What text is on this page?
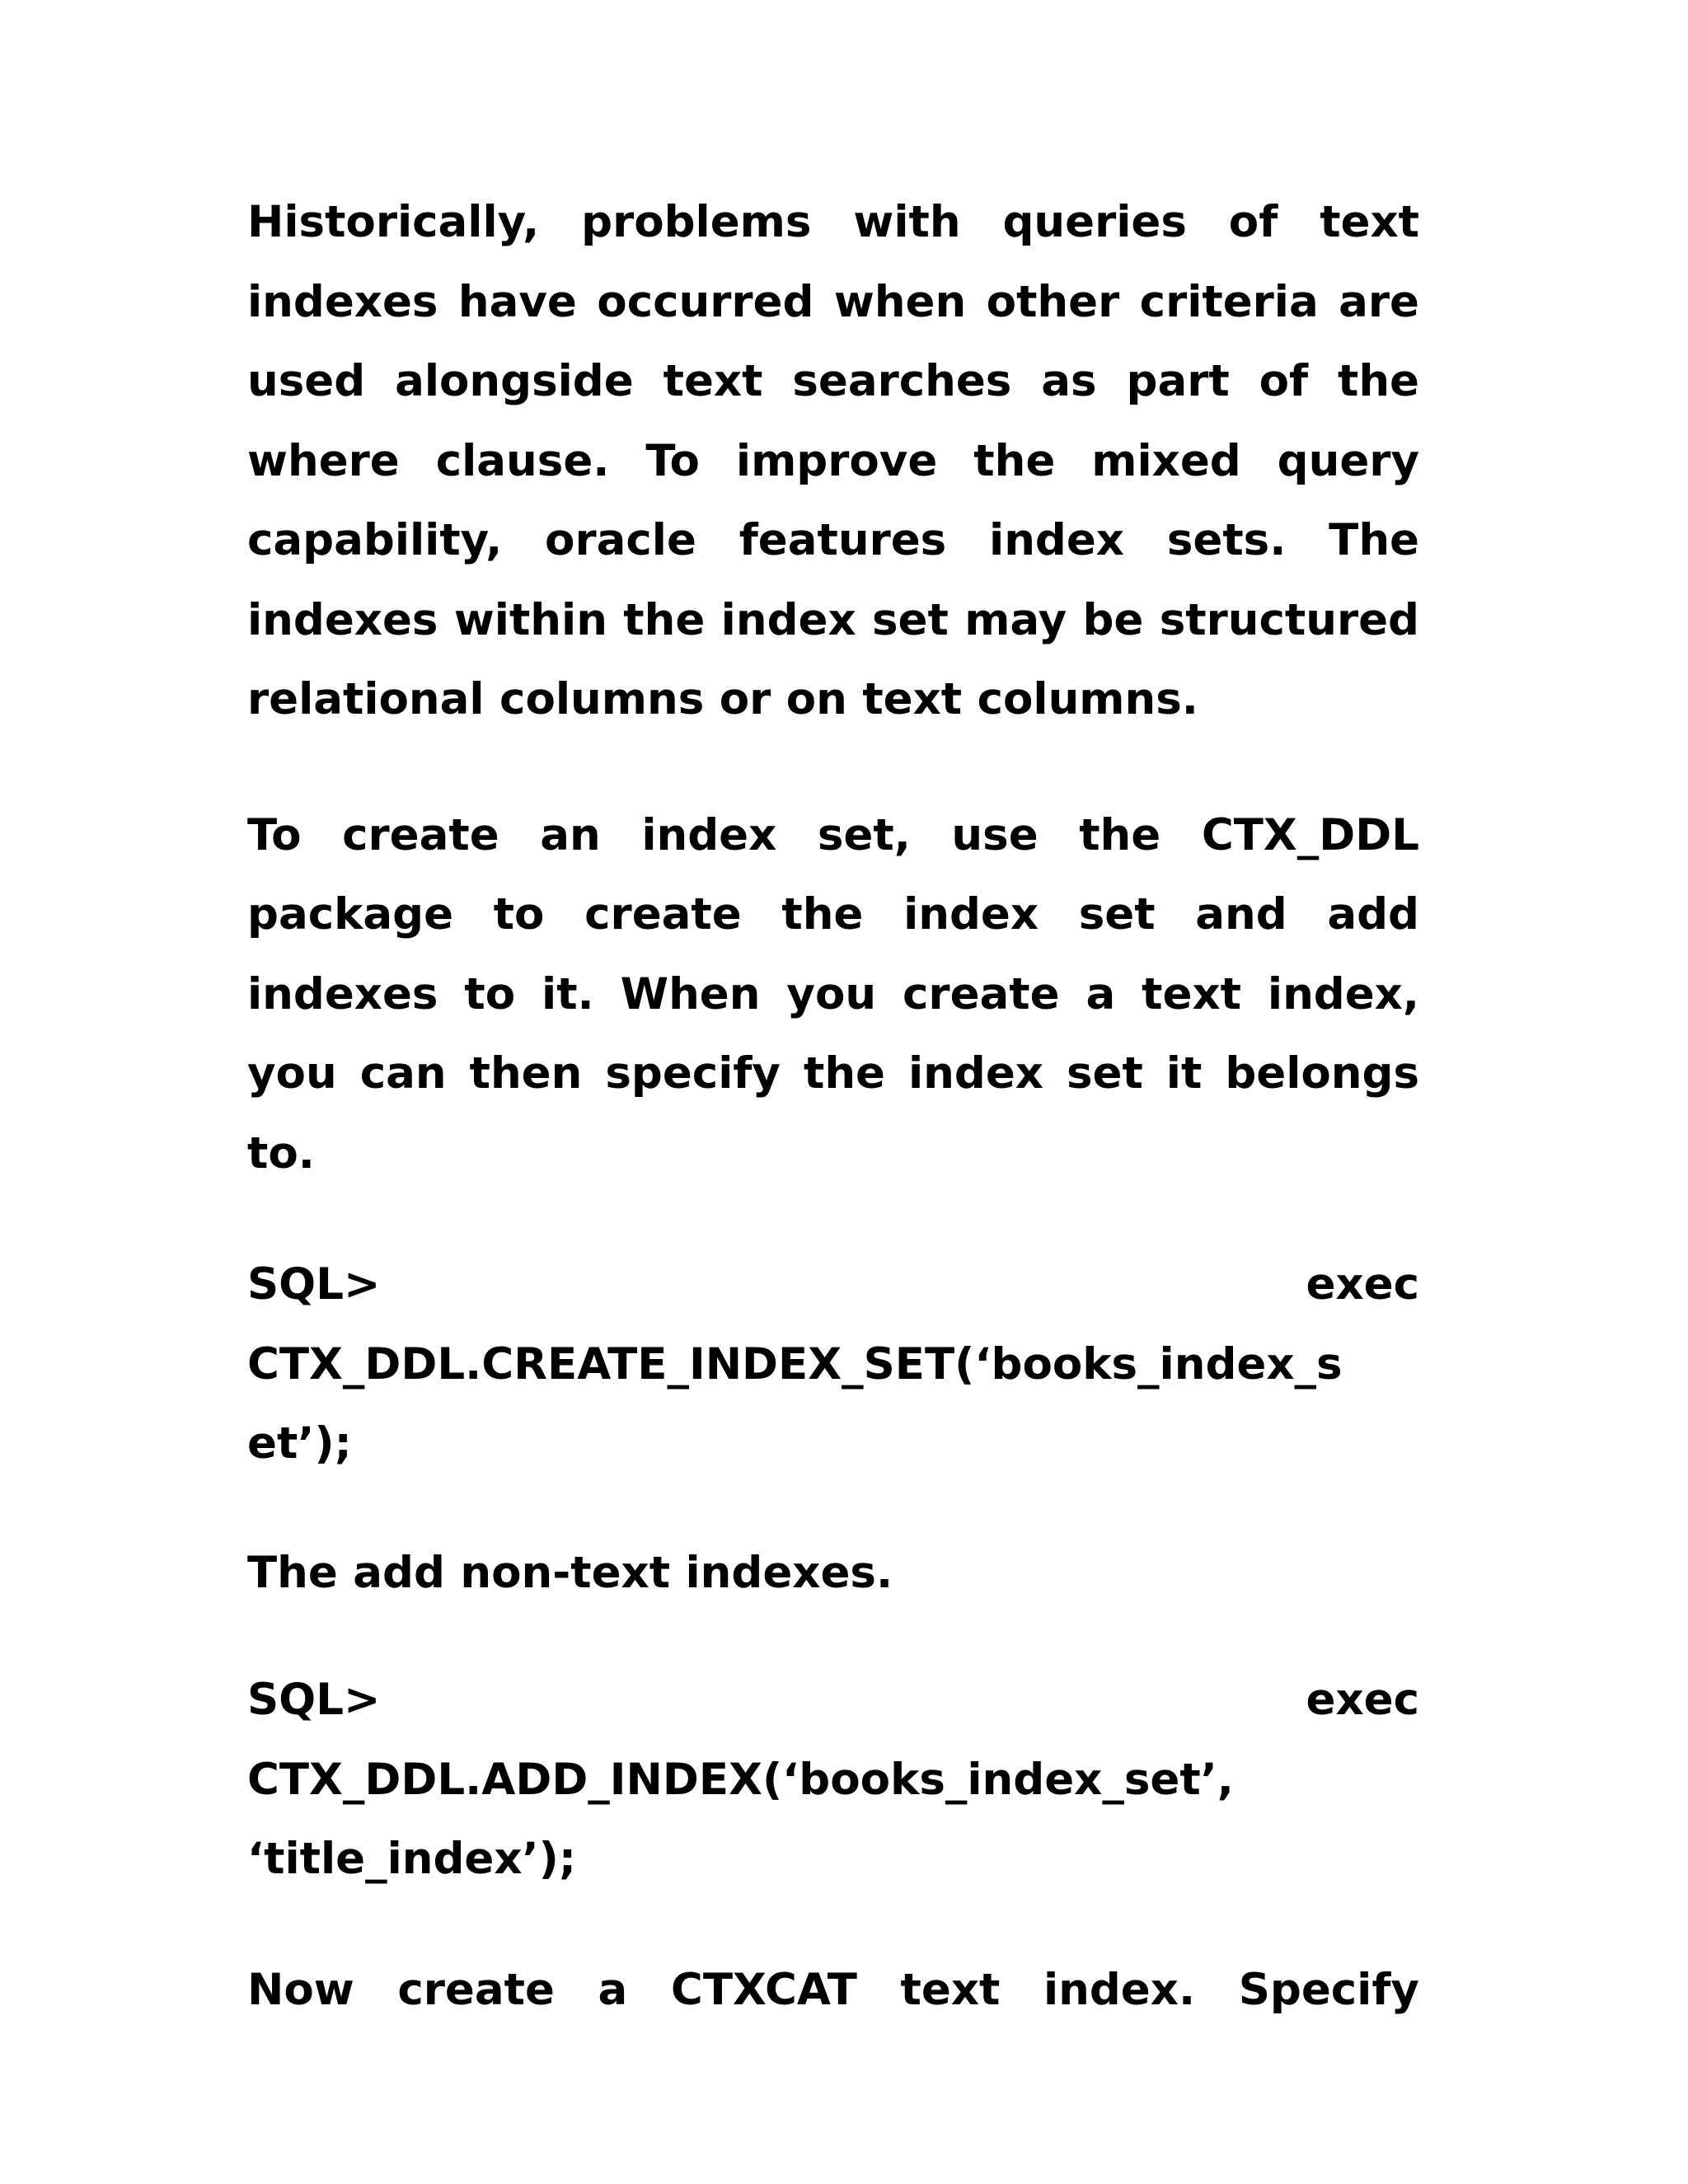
Historically, problems with queries of text indexes have occurred when other criteria are used alongside text searches as part of the where clause. To improve the mixed query capability, oracle features index sets. The indexes within the index set may be structured relational columns or on text columns.

To create an index set, use the CTX_DDL package to create the index set and add indexes to it. When you create a text index, you can then specify the index set it belongs to.

SQL>	exec
CTX_DDL.CREATE_INDEX_SET(‘books_index_s
et’);

The add non-text indexes.

SQL>	exec
CTX_DDL.ADD_INDEX(‘books_index_set’,
‘title_index’);
Now create a CTXCAT text index. Specify
